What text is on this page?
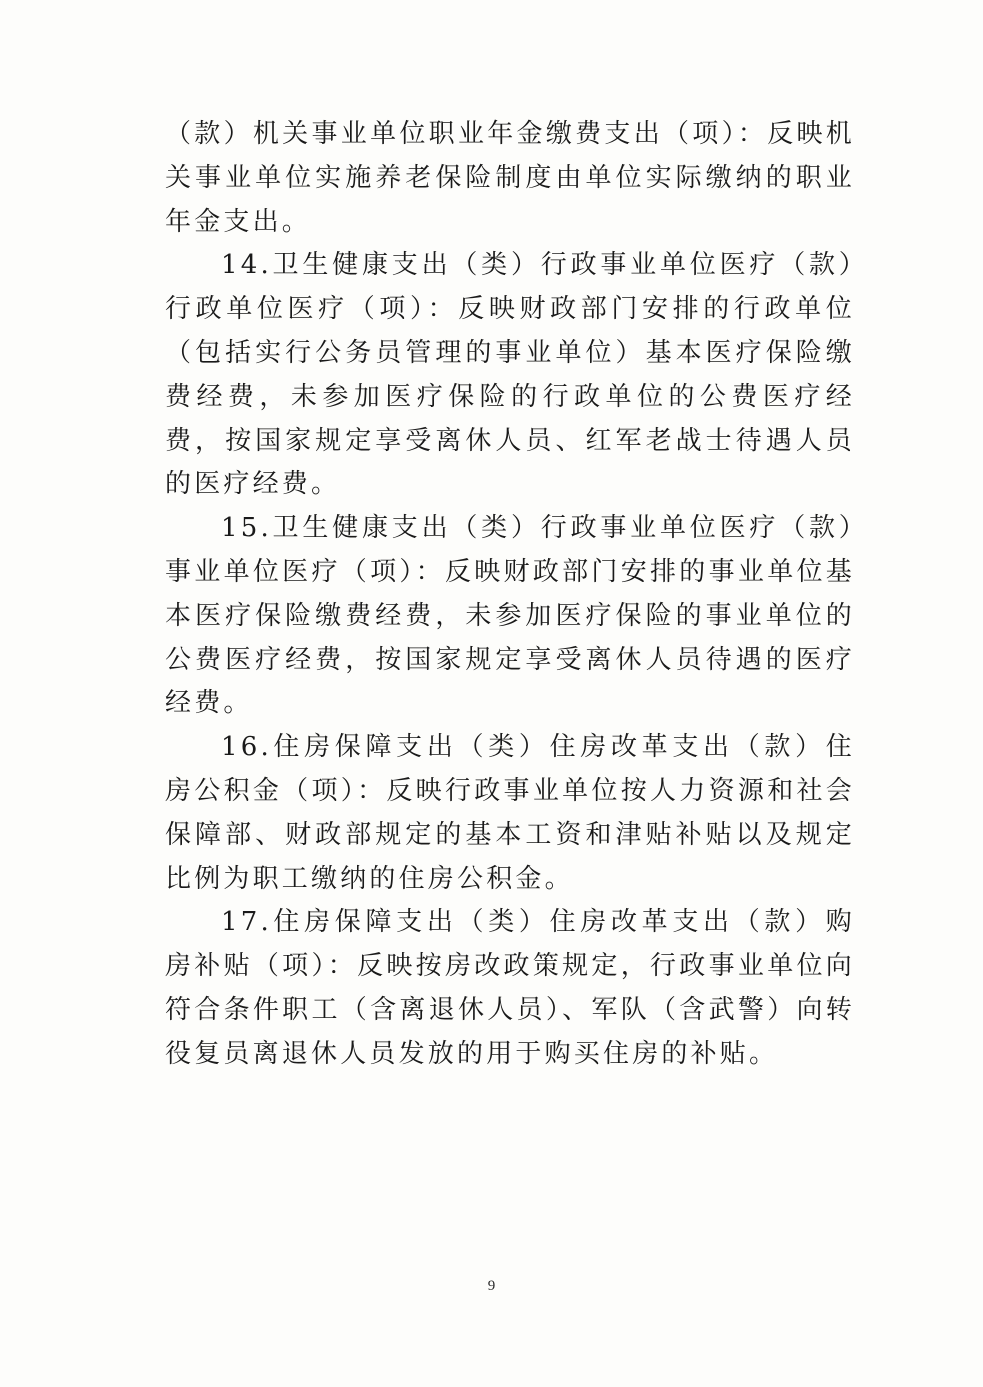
（款）机关事业单位职业年金缴费支出（项）：反映机关事业单位实施养老保险制度由单位实际缴纳的职业年金支出。

14.卫生健康支出（类）行政事业单位医疗（款）行政单位医疗（项）：反映财政部门安排的行政单位（包括实行公务员管理的事业单位）基本医疗保险缴费经费，未参加医疗保险的行政单位的公费医疗经费，按国家规定享受离休人员、红军老战士待遇人员的医疗经费。

15.卫生健康支出（类）行政事业单位医疗（款）事业单位医疗（项）：反映财政部门安排的事业单位基本医疗保险缴费经费，未参加医疗保险的事业单位的公费医疗经费，按国家规定享受离休人员待遇的医疗经费。

16.住房保障支出（类）住房改革支出（款）住房公积金（项）：反映行政事业单位按人力资源和社会保障部、财政部规定的基本工资和津贴补贴以及规定比例为职工缴纳的住房公积金。

17.住房保障支出（类）住房改革支出（款）购房补贴（项）：反映按房改政策规定，行政事业单位向符合条件职工（含离退休人员）、军队（含武警）向转役复员离退休人员发放的用于购买住房的补贴。

9
